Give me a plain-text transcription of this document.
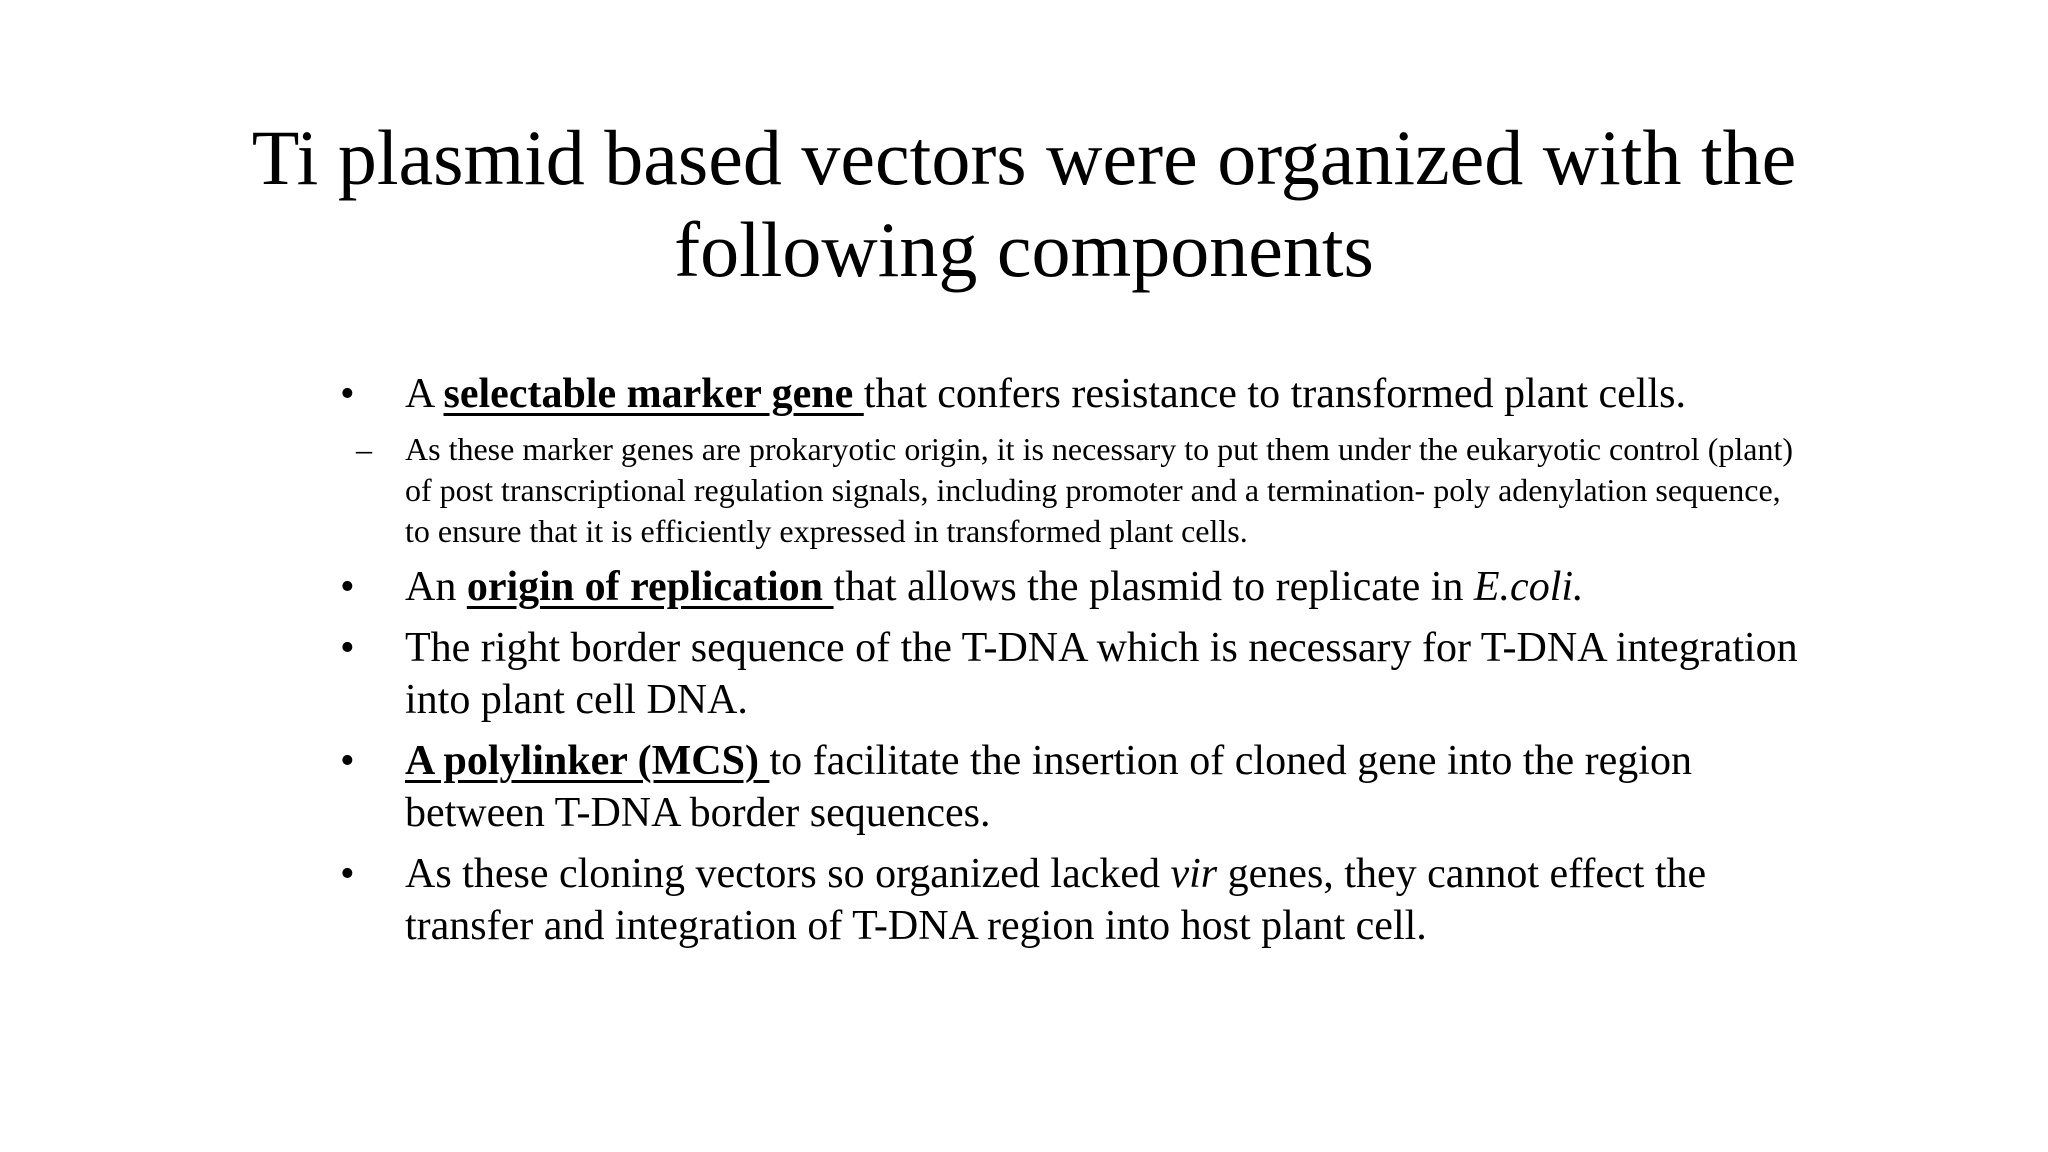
Ti plasmid based vectors were organized with the
following components
•	A selectable marker gene that confers resistance to transformed plant cells.
– As these marker genes are prokaryotic origin, it is necessary to put them under the eukaryotic control (plant) of post transcriptional regulation signals, including promoter and a termination- poly adenylation sequence, to ensure that it is efficiently expressed in transformed plant cells.
•	An origin of replication that allows the plasmid to replicate in E.coli.
•	The right border sequence of the T-DNA which is necessary for T-DNA integration into plant cell DNA.
•	A polylinker (MCS) to facilitate the insertion of cloned gene into the region between T-DNA border sequences.
•	As these cloning vectors so organized lacked vir genes, they cannot effect the transfer and integration of T-DNA region into host plant cell.
